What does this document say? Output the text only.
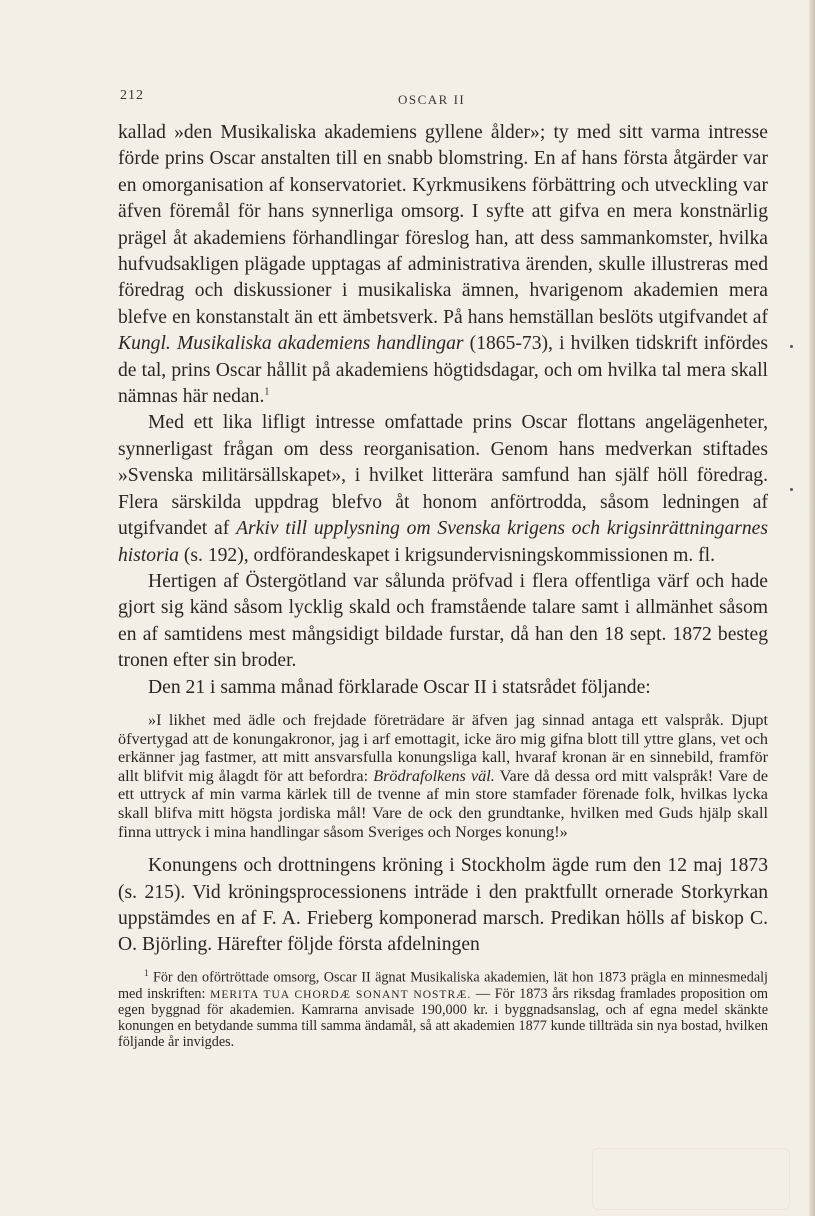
212	OSCAR II

kallad »den Musikaliska akademiens gyllene ålder»; ty med sitt varma intresse förde prins Oscar anstalten till en snabb blomstring. En af hans första åtgärder var en omorganisation af konservatoriet. Kyrkmusikens förbättring och utveckling var äfven föremål för hans synnerliga omsorg. I syfte att gifva en mera konstnärlig prägel åt akademiens förhandlingar föreslog han, att dess sammankomster, hvilka hufvudsakligen plägade upptagas af administrativa ärenden, skulle illustreras med föredrag och diskussioner i musikaliska ämnen, hvarigenom akademien mera blefve en konstanstalt än ett ämbetsverk. På hans hemställan beslöts utgifvandet af Kungl. Musikaliska akademiens handlingar (1865-73), i hvilken tidskrift infördes de tal, prins Oscar hållit på akademiens högtidsdagar, och om hvilka tal mera skall nämnas här nedan.$^1$

Med ett lika lifligt intresse omfattade prins Oscar flottans angelägenheter, synnerligast frågan om dess reorganisation. Genom hans medverkan stiftades »Svenska militärsällskapet», i hvilket litterära samfund han själf höll föredrag. Flera särskilda uppdrag blefvo åt honom anförtrodda, såsom ledningen af utgifvandet af Arkiv till upplysning om Svenska krigens och krigsinrättningarnes historia (s. 192), ordförandeskapet i krigsundervisningskommissionen m. fl.

Hertigen af Östergötland var sålunda pröfvad i flera offentliga värf och hade gjort sig känd såsom lycklig skald och framstående talare samt i allmänhet såsom en af samtidens mest mångsidigt bildade furstar, då han den 18 sept. 1872 besteg tronen efter sin broder.

Den 21 i samma månad förklarade Oscar II i statsrådet följande:

»I likhet med ädle och frejdade företrädare är äfven jag sinnad antaga ett valspråk. Djupt öfvertygad att de konungakronor, jag i arf emottagit, icke äro mig gifna blott till yttre glans, vet och erkänner jag fastmer, att mitt ansvarsfulla konungsliga kall, hvaraf kronan är en sinnebild, framför allt blifvit mig ålagdt för att befordra: Brödrafolkens väl. Vare då dessa ord mitt valspråk! Vare de ett uttryck af min varma kärlek till de tvenne af min store stamfader förenade folk, hvilkas lycka skall blifva mitt högsta jordiska mål! Vare de ock den grundtanke, hvilken med Guds hjälp skall finna uttryck i mina handlingar såsom Sveriges och Norges konung!»

Konungens och drottningens kröning i Stockholm ägde rum den 12 maj 1873 (s. 215). Vid kröningsprocessionens inträde i den praktfullt ornerade Storkyrkan uppstämdes en af F. A. Frieberg komponerad marsch. Predikan hölls af biskop C. O. Björling. Härefter följde första afdelningen

$^1$ För den oförtröttade omsorg, Oscar II ägnat Musikaliska akademien, lät hon 1873 prägla en minnesmedalj med inskriften: MERITA TUA CHORDÆ SONANT NOSTRÆ. — För 1873 års riksdag framlades proposition om egen byggnad för akademien. Kamrarna anvisade 190,000 kr. i byggnadsanslag, och af egna medel skänkte konungen en betydande summa till samma ändamål, så att akademien 1877 kunde tillträda sin nya bostad, hvilken följande år invigdes.
